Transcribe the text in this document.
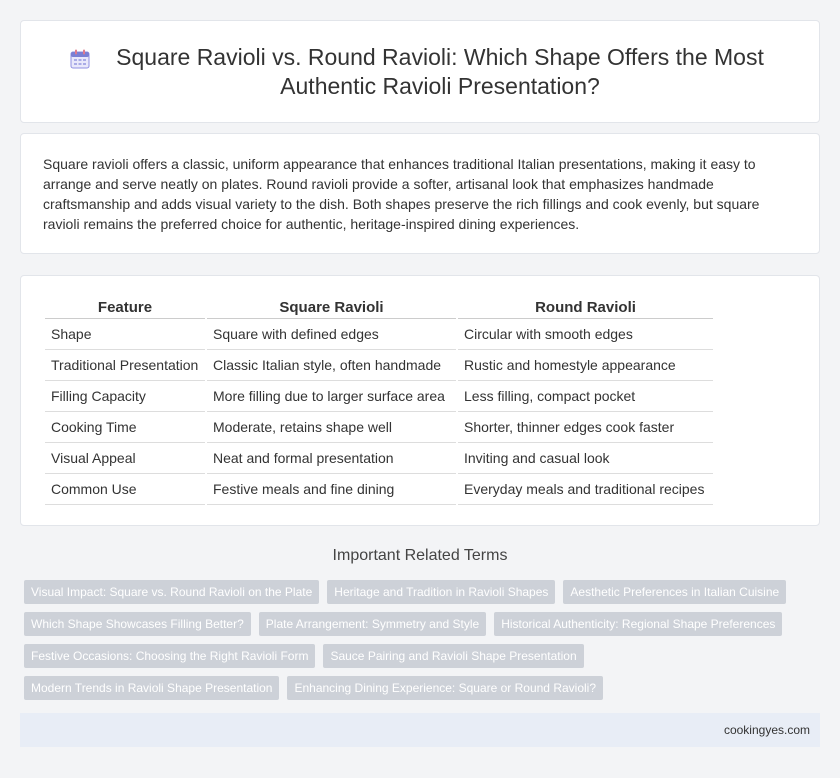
Square Ravioli vs. Round Ravioli: Which Shape Offers the Most Authentic Ravioli Presentation?

Square ravioli offers a classic, uniform appearance that enhances traditional Italian presentations, making it easy to arrange and serve neatly on plates. Round ravioli provide a softer, artisanal look that emphasizes handmade craftsmanship and adds visual variety to the dish. Both shapes preserve the rich fillings and cook evenly, but square ravioli remains the preferred choice for authentic, heritage-inspired dining experiences.

Feature	Square Ravioli	Round Ravioli
Shape	Square with defined edges	Circular with smooth edges
Traditional Presentation	Classic Italian style, often handmade	Rustic and homestyle appearance
Filling Capacity	More filling due to larger surface area	Less filling, compact pocket
Cooking Time	Moderate, retains shape well	Shorter, thinner edges cook faster
Visual Appeal	Neat and formal presentation	Inviting and casual look
Common Use	Festive meals and fine dining	Everyday meals and traditional recipes
Important Related Terms
Visual Impact: Square vs. Round Ravioli on the Plate	Heritage and Tradition in Ravioli Shapes	Aesthetic Preferences in Italian Cuisine
Which Shape Showcases Filling Better?	Plate Arrangement: Symmetry and Style	Historical Authenticity: Regional Shape Preferences
Festive Occasions: Choosing the Right Ravioli Form	Sauce Pairing and Ravioli Shape Presentation
Modern Trends in Ravioli Shape Presentation	Enhancing Dining Experience: Square or Round Ravioli?
cookingyes.com
